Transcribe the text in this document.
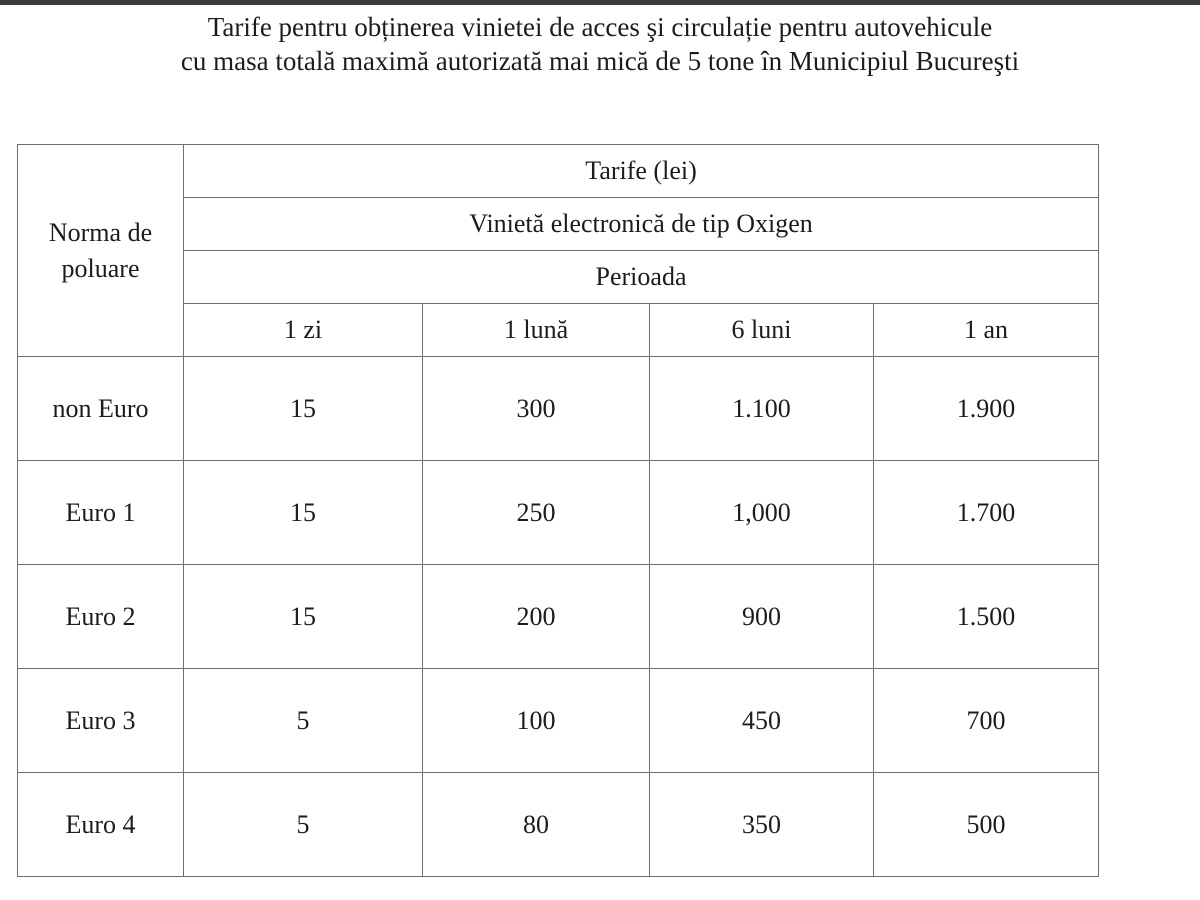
Tarife pentru obținerea vinietei de acces şi circulație pentru autovehicule
cu masa totală maximă autorizată mai mică de 5 tone în Municipiul Bucureşti
Norma de
poluare	Tarife (lei)			
	Vinietă electronică de tip Oxigen			
	Perioada			
	1 zi	1 lună	6 luni	1 an
non Euro	15	300	1.100	1.900
Euro 1	15	250	1,000	1.700
Euro 2	15	200	900	1.500
Euro 3	5	100	450	700
Euro 4	5	80	350	500
